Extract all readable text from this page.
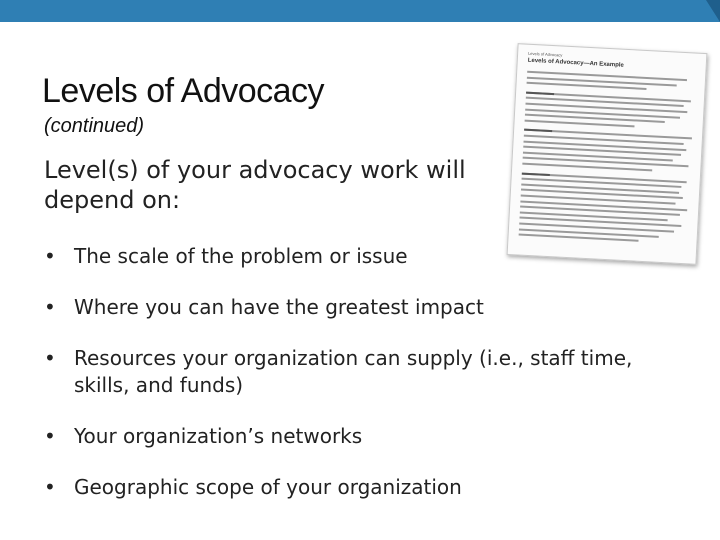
Levels of Advocacy
(continued)
Level(s) of your advocacy work will depend on:
Levels of Advocacy
Levels of Advocacy—An Example
• The scale of the problem or issue
• Where you can have the greatest impact
• Resources your organization can supply (i.e., staff time, skills, and funds)
• Your organization’s networks
• Geographic scope of your organization
